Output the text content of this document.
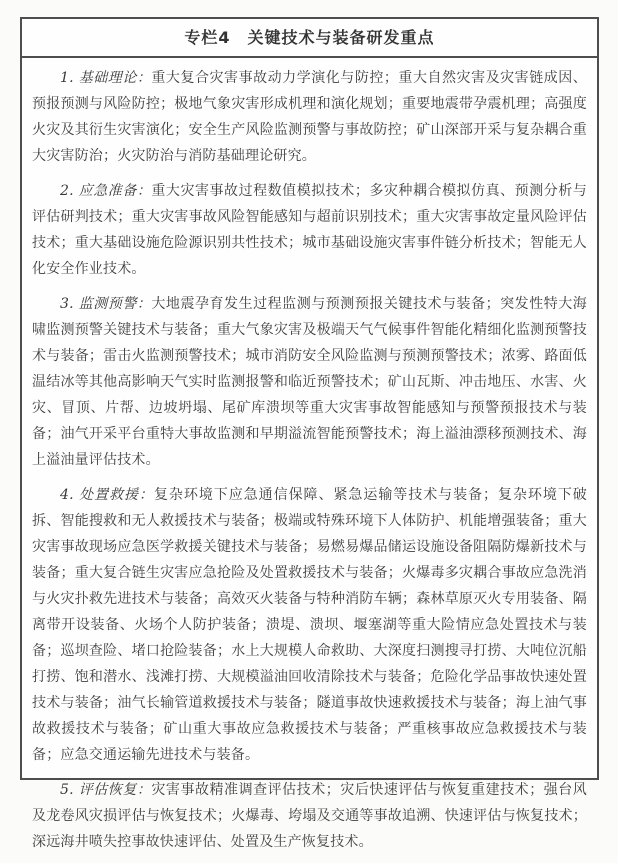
专栏4　关键技术与装备研发重点

1. 基础理论：重大复合灾害事故动力学演化与防控；重大自然灾害及灾害链成因、预报预测与风险防控；极地气象灾害形成机理和演化规划；重要地震带孕震机理；高强度火灾及其衍生灾害演化；安全生产风险监测预警与事故防控；矿山深部开采与复杂耦合重大灾害防治；火灾防治与消防基础理论研究。

2. 应急准备：重大灾害事故过程数值模拟技术；多灾种耦合模拟仿真、预测分析与评估研判技术；重大灾害事故风险智能感知与超前识别技术；重大灾害事故定量风险评估技术；重大基础设施危险源识别共性技术；城市基础设施灾害事件链分析技术；智能无人化安全作业技术。

3. 监测预警：大地震孕育发生过程监测与预测预报关键技术与装备；突发性特大海啸监测预警关键技术与装备；重大气象灾害及极端天气气候事件智能化精细化监测预警技术与装备；雷击火监测预警技术；城市消防安全风险监测与预测预警技术；浓雾、路面低温结冰等其他高影响天气实时监测报警和临近预警技术；矿山瓦斯、冲击地压、水害、火灾、冒顶、片帮、边坡坍塌、尾矿库溃坝等重大灾害事故智能感知与预警预报技术与装备；油气开采平台重特大事故监测和早期溢流智能预警技术；海上溢油漂移预测技术、海上溢油量评估技术。

4. 处置救援：复杂环境下应急通信保障、紧急运输等技术与装备；复杂环境下破拆、智能搜救和无人救援技术与装备；极端或特殊环境下人体防护、机能增强装备；重大灾害事故现场应急医学救援关键技术与装备；易燃易爆品储运设施设备阻隔防爆新技术与装备；重大复合链生灾害应急抢险及处置救援技术与装备；火爆毒多灾耦合事故应急洗消与火灾扑救先进技术与装备；高效灭火装备与特种消防车辆；森林草原灭火专用装备、隔离带开设装备、火场个人防护装备；溃堤、溃坝、堰塞湖等重大险情应急处置技术与装备；巡坝查险、堵口抢险装备；水上大规模人命救助、大深度扫测搜寻打捞、大吨位沉船打捞、饱和潜水、浅滩打捞、大规模溢油回收清除技术与装备；危险化学品事故快速处置技术与装备；油气长输管道救援技术与装备；隧道事故快速救援技术与装备；海上油气事故救援技术与装备；矿山重大事故应急救援技术与装备；严重核事故应急救援技术与装备；应急交通运输先进技术与装备。

5. 评估恢复：灾害事故精准调查评估技术；灾后快速评估与恢复重建技术；强台风及龙卷风灾损评估与恢复技术；火爆毒、垮塌及交通等事故追溯、快速评估与恢复技术；深远海井喷失控事故快速评估、处置及生产恢复技术。
